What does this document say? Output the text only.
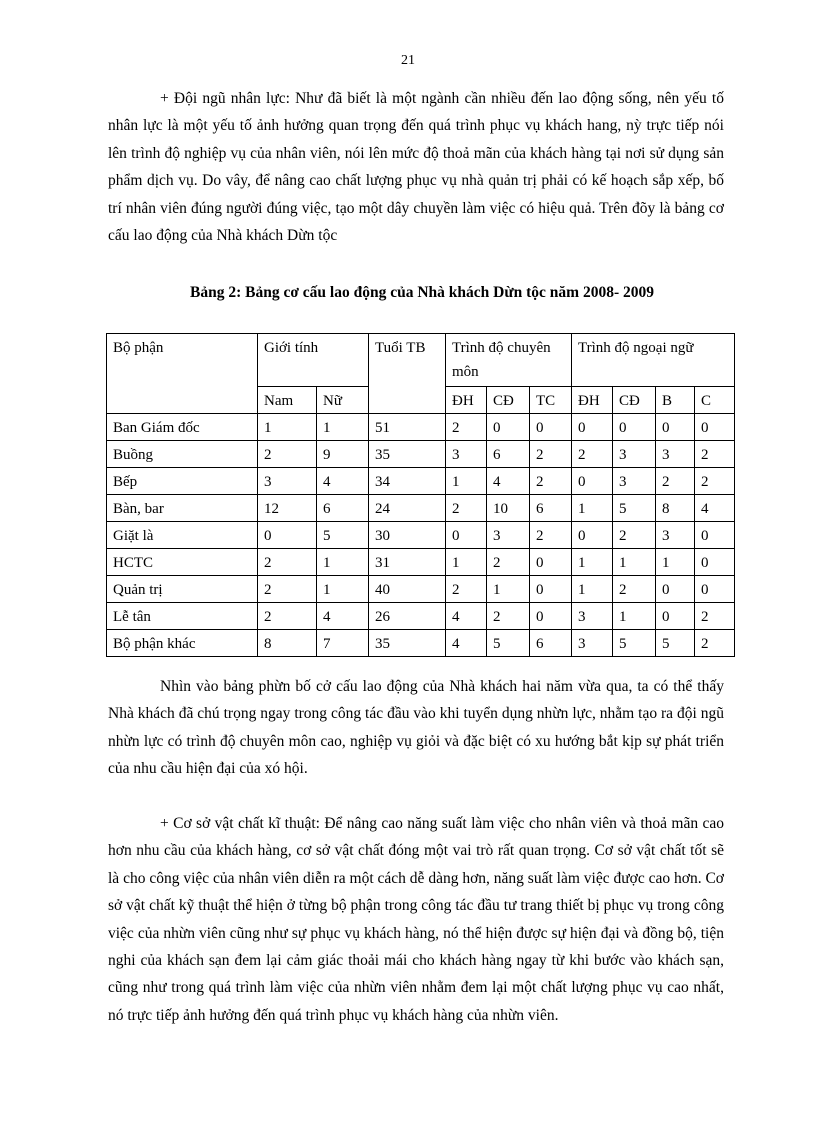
21

+ Đội ngũ nhân lực: Như đã biết là một ngành cần nhiều đến lao động sống, nên yếu tố nhân lực là một yếu tố ảnh hưởng quan trọng đến quá trình phục vụ khách hang, nỳ trực tiếp nói lên trình độ nghiệp vụ của nhân viên, nói lên mức độ thoả mãn của khách hàng tại nơi sử dụng sản phẩm dịch vụ. Do vây, để nâng cao chất lượng phục vụ nhà quản trị phải có kế hoạch sắp xếp, bố trí nhân viên đúng người đúng việc, tạo một dây chuyền làm việc có hiệu quả. Trên đõy là bảng cơ cấu lao động của Nhà khách Dừn tộc

Bảng 2: Bảng cơ cấu lao động của Nhà khách Dừn tộc năm 2008- 2009
Bộ phận	Giới tính		Tuổi TB	Trình độ chuyên môn			Trình độ ngoại ngữ			
	Nam	Nữ		ĐH	CĐ	TC	ĐH	CĐ	B	C
Ban Giám đốc	1	1	51	2	0	0	0	0	0	0
Buồng	2	9	35	3	6	2	2	3	3	2
Bếp	3	4	34	1	4	2	0	3	2	2
Bàn, bar	12	6	24	2	10	6	1	5	8	4
Giặt là	0	5	30	0	3	2	0	2	3	0
HCTC	2	1	31	1	2	0	1	1	1	0
Quản trị	2	1	40	2	1	0	1	2	0	0
Lễ tân	2	4	26	4	2	0	3	1	0	2
Bộ phận khác	8	7	35	4	5	6	3	5	5	2

Nhìn vào bảng phừn bố cở cấu lao động của Nhà khách hai năm vừa qua, ta có thể thấy Nhà khách đã chú trọng ngay trong công tác đầu vào khi tuyển dụng nhừn lực, nhằm tạo ra đội ngũ nhừn lực có trình độ chuyên môn cao, nghiệp vụ giỏi và đặc biệt có xu hướng bắt kịp sự phát triển của nhu cầu hiện đại của xó hội.

+ Cơ sở vật chất kĩ thuật: Để nâng cao năng suất làm việc cho nhân viên và thoả mãn cao hơn nhu cầu của khách hàng, cơ sở vật chất đóng một vai trò rất quan trọng. Cơ sở vật chất tốt sẽ là cho công việc của nhân viên diễn ra một cách dễ dàng hơn, năng suất làm việc được cao hơn. Cơ sở vật chất kỹ thuật thể hiện ở từng bộ phận trong công tác đầu tư trang thiết bị phục vụ trong công việc của nhừn viên cũng như sự phục vụ khách hàng, nó thể hiện được sự hiện đại và đồng bộ, tiện nghi của khách sạn đem lại cảm giác thoải mái cho khách hàng ngay từ khi bước vào khách sạn, cũng như trong quá trình làm việc của nhừn viên nhằm đem lại một chất lượng phục vụ cao nhất, nó trực tiếp ảnh hưởng đến quá trình phục vụ khách hàng của nhừn viên.
